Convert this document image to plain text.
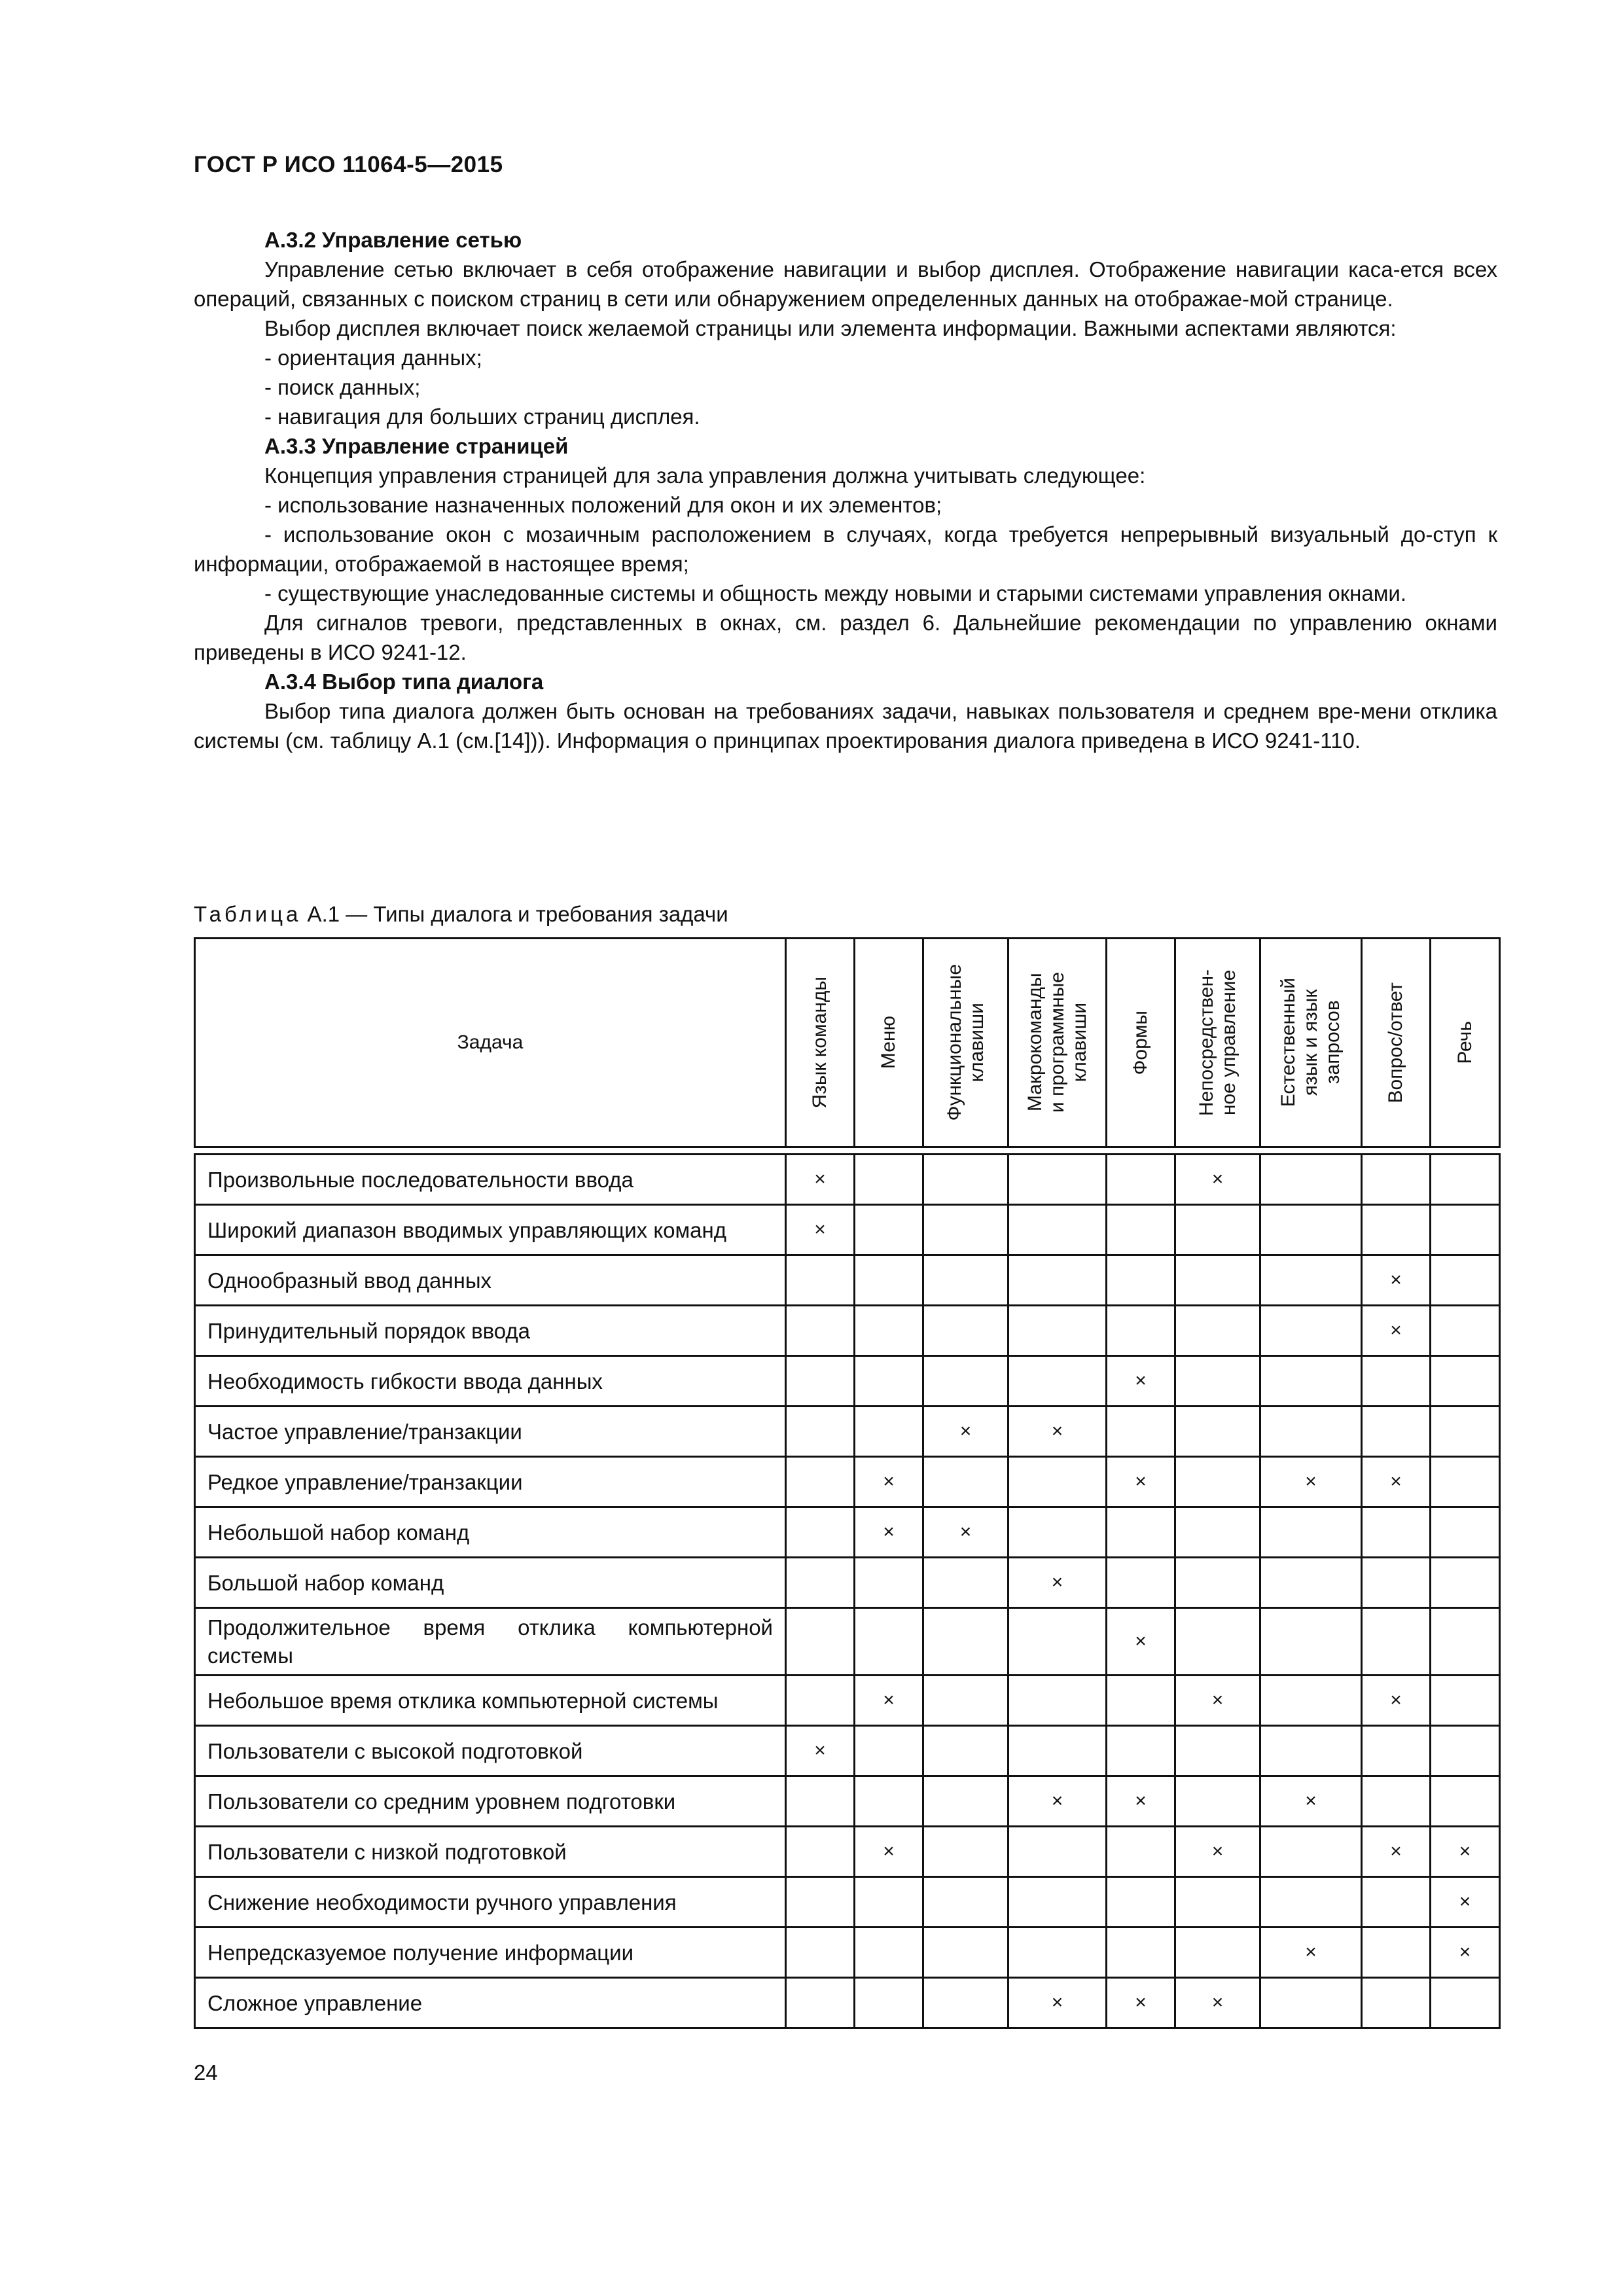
ГОСТ Р ИСО 11064-5—2015

А.3.2 Управление сетью

Управление сетью включает в себя отображение навигации и выбор дисплея. Отображение навигации каса-ется всех операций, связанных с поиском страниц в сети или обнаружением определенных данных на отображае-мой странице.

Выбор дисплея включает поиск желаемой страницы или элемента информации. Важными аспектами являются:

- ориентация данных;

- поиск данных;

- навигация для больших страниц дисплея.

А.3.3 Управление страницей

Концепция управления страницей для зала управления должна учитывать следующее:

- использование назначенных положений для окон и их элементов;

- использование окон с мозаичным расположением в случаях, когда требуется непрерывный визуальный до-ступ к информации, отображаемой в настоящее время;

- существующие унаследованные системы и общность между новыми и старыми системами управления окнами.

Для сигналов тревоги, представленных в окнах, см. раздел 6. Дальнейшие рекомендации по управлению окнами приведены в ИСО 9241-12.

А.3.4 Выбор типа диалога

Выбор типа диалога должен быть основан на требованиях задачи, навыках пользователя и среднем вре-мени отклика системы (см. таблицу А.1 (см.[14])). Информация о принципах проектирования диалога приведена в ИСО 9241-110.

Таблица А.1 — Типы диалога и требования задачи
Задача	Язык команды	Меню	Функциональные
клавиши	Макрокоманды
и программные
клавиши	Формы	Непосредствен-
ное управление	Естественный
язык и язык
запросов	Вопрос/ответ	Речь

Произвольные последовательности ввода	×					×			
Широкий диапазон вводимых управляющих команд	×								
Однообразный ввод данных								×	
Принудительный порядок ввода								×	
Необходимость гибкости ввода данных					×				
Частое управление/транзакции			×	×					
Редкое управление/транзакции		×			×		×	×	
Небольшой набор команд		×	×						
Большой набор команд				×					
Продолжительное время отклика компьютерной системы					×				
Небольшое время отклика компьютерной системы		×				×		×	
Пользователи с высокой подготовкой	×								
Пользователи со средним уровнем подготовки				×	×		×		
Пользователи с низкой подготовкой		×				×		×	×
Снижение необходимости ручного управления									×
Непредсказуемое получение информации							×		×
Сложное управление				×	×	×			
24
